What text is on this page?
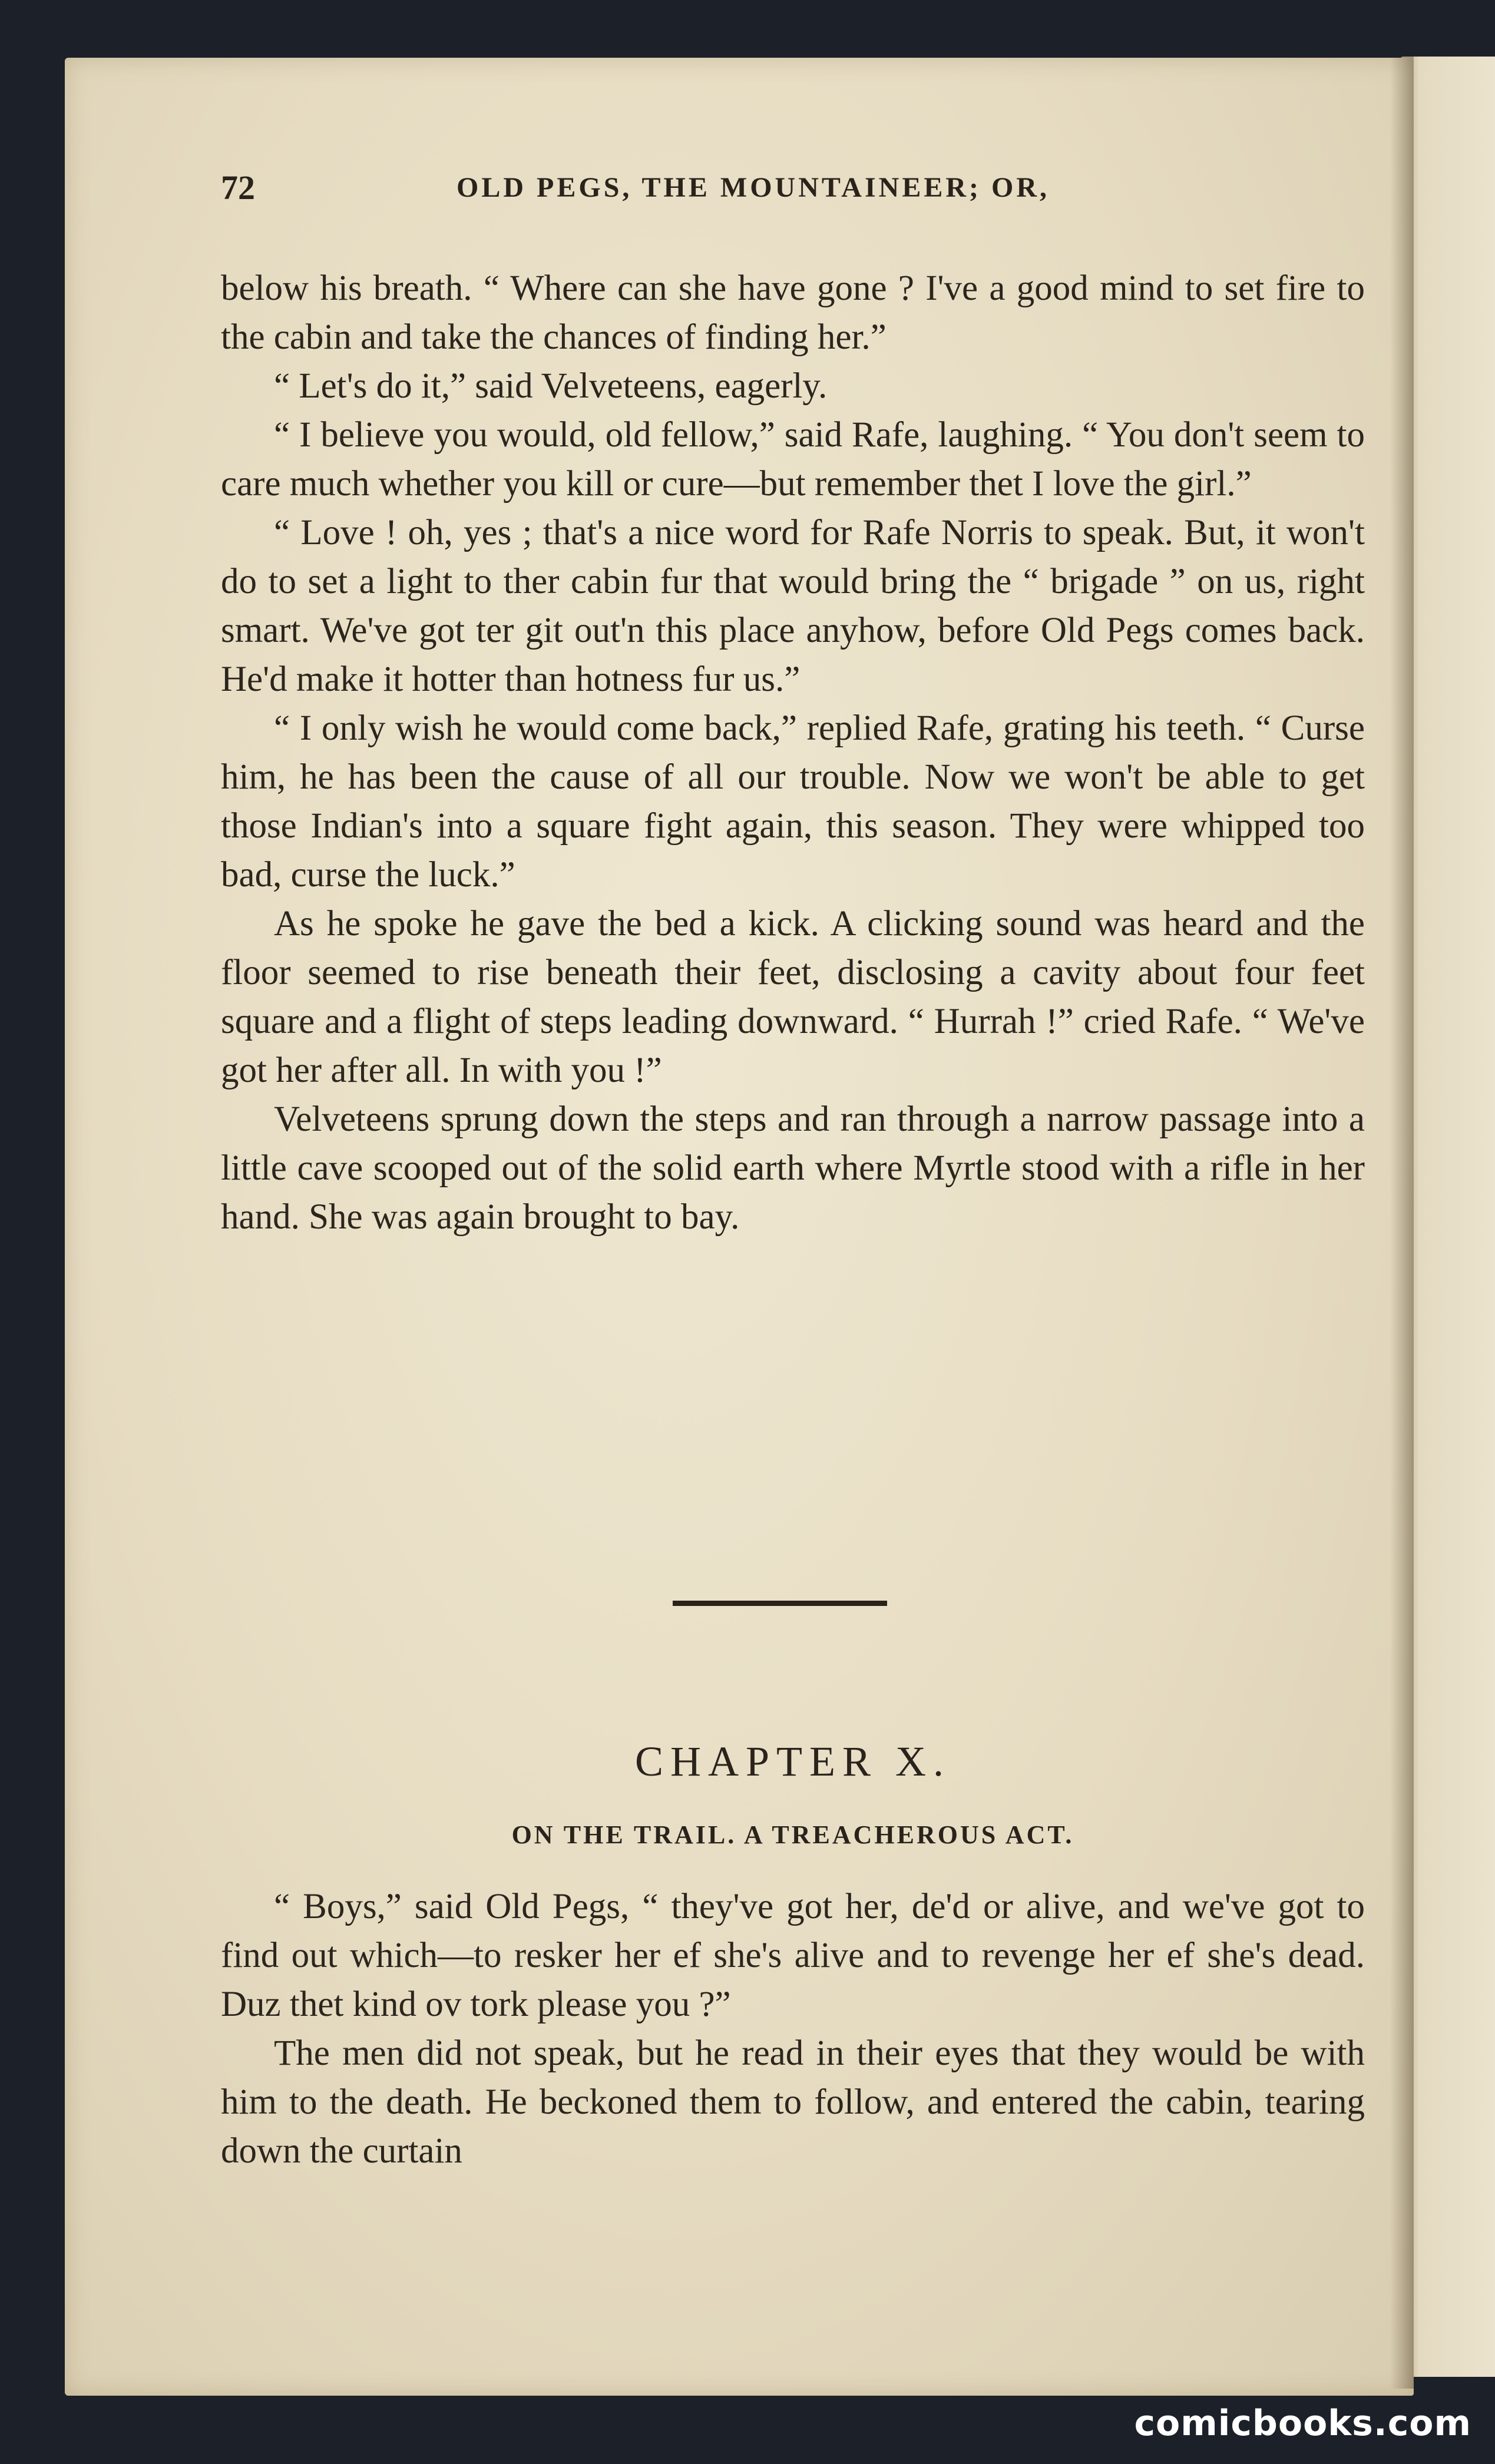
72	OLD PEGS, THE MOUNTAINEER; OR,

below his breath. “ Where can she have gone ? I've a good mind to set fire to the cabin and take the chances of finding her.”

“ Let's do it,” said Velveteens, eagerly.

“ I believe you would, old fellow,” said Rafe, laughing. “ You don't seem to care much whether you kill or cure—but remember thet I love the girl.”

“ Love ! oh, yes ; that's a nice word for Rafe Norris to speak. But, it won't do to set a light to ther cabin fur that would bring the “ brigade ” on us, right smart. We've got ter git out'n this place anyhow, before Old Pegs comes back. He'd make it hotter than hotness fur us.”

“ I only wish he would come back,” replied Rafe, grating his teeth. “ Curse him, he has been the cause of all our trouble. Now we won't be able to get those Indian's into a square fight again, this season. They were whipped too bad, curse the luck.”

As he spoke he gave the bed a kick. A clicking sound was heard and the floor seemed to rise beneath their feet, disclosing a cavity about four feet square and a flight of steps leading downward. “ Hurrah !” cried Rafe. “ We've got her after all. In with you !”

Velveteens sprung down the steps and ran through a narrow passage into a little cave scooped out of the solid earth where Myrtle stood with a rifle in her hand. She was again brought to bay.

CHAPTER X.
ON THE TRAIL. A TREACHEROUS ACT.

“ Boys,” said Old Pegs, “ they've got her, de'd or alive, and we've got to find out which—to resker her ef she's alive and to revenge her ef she's dead. Duz thet kind ov tork please you ?”

The men did not speak, but he read in their eyes that they would be with him to the death. He beckoned them to follow, and entered the cabin, tearing down the curtain

comicbooks.com
